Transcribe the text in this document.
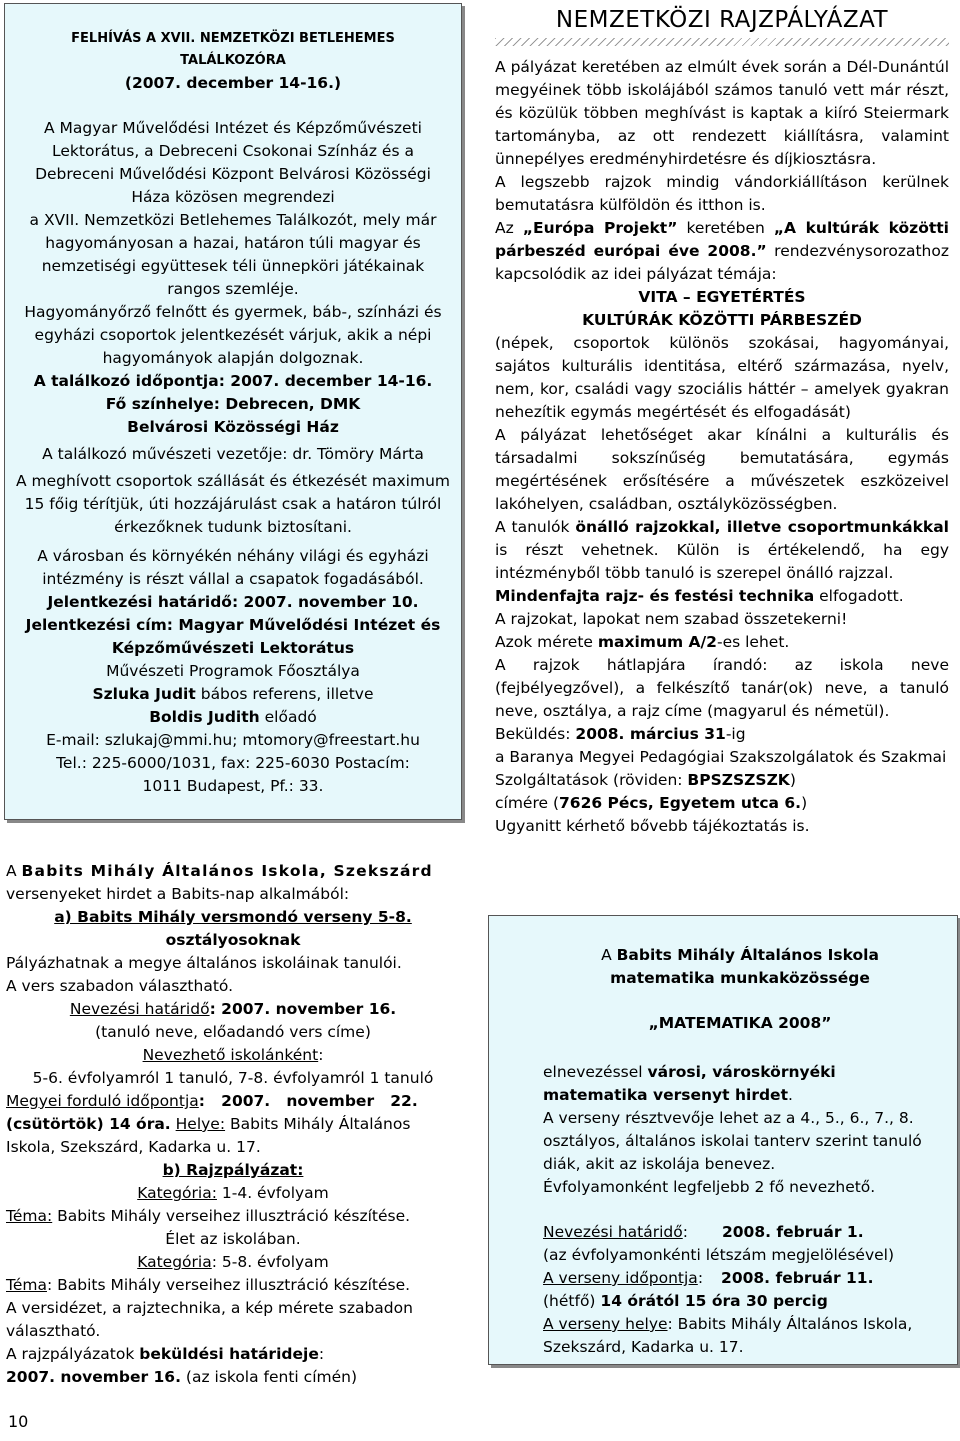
FELHÍVÁS A XVII. NEMZETKÖZI BETLEHEMES
TALÁLKOZÓRA

(2007. december 14-16.)

A Magyar Művelődési Intézet és Képzőművészeti Lektorátus, a Debreceni Csokonai Színház és a Debreceni Művelődési Központ Belvárosi Közösségi Háza közösen megrendezi

a XVII. Nemzetközi Betlehemes Találkozót, mely már hagyományosan a hazai, határon túli magyar és nemzetiségi együttesek téli ünnepköri játékainak rangos szemléje.

Hagyományőrző felnőtt és gyermek, báb-, színházi és egyházi csoportok jelentkezését várjuk, akik a népi hagyományok alapján dolgoznak.

A találkozó időpontja: 2007. december 14-16.

Fő színhelye: Debrecen, DMK Belvárosi Közösségi Ház

A találkozó művészeti vezetője: dr. Tömöry Márta

A meghívott csoportok szállását és étkezését maximum 15 főig térítjük, úti hozzájárulást csak a határon túlról érkezőknek tudunk biztosítani.

A városban és környékén néhány világi és egyházi intézmény is részt vállal a csapatok fogadásából.

Jelentkezési határidő: 2007. november 10.

Jelentkezési cím: Magyar Művelődési Intézet és Képzőművészeti Lektorátus

Művészeti Programok Főosztálya

Szluka Judit bábos referens, illetve

Boldis Judith előadó

E-mail: szlukaj@mmi.hu; mtomory@freestart.hu

Tel.: 225-6000/1031, fax: 225-6030 Postacím: 1011 Budapest, Pf.: 33.

A Babits Mihály Általános Iskola, Szekszárd

versenyeket hirdet a Babits-nap alkalmából:

a) Babits Mihály versmondó verseny 5-8.

osztályosoknak

Pályázhatnak a megye általános iskoláinak tanulói.

A vers szabadon választható.

Nevezési határidő: 2007. november 16.

(tanuló neve, előadandó vers címe)

Nevezhető iskolánként:

5-6. évfolyamról 1 tanuló, 7-8. évfolyamról 1 tanuló

Megyei forduló időpontja:   2007.   november   22.

(csütörtök) 14 óra. Helye: Babits Mihály Általános Iskola, Szekszárd, Kadarka u. 17.

b) Rajzpályázat:

Kategória: 1-4. évfolyam

Téma: Babits Mihály verseihez illusztráció készítése.

Élet az iskolában.

Kategória: 5-8. évfolyam

Téma: Babits Mihály verseihez illusztráció készítése.

A versidézet, a rajztechnika, a kép mérete szabadon választható.

A rajzpályázatok beküldési határideje:

2007. november 16. (az iskola fenti címén)

NEMZETKÖZI RAJZPÁLYÁZAT

A pályázat keretében az elmúlt évek során a Dél-Dunántúl megyéinek több iskolájából számos tanuló vett már részt, és közülük többen meghívást is kaptak a kiíró Steiermark tartományba, az ott rendezett kiállításra, valamint ünnepélyes eredményhirdetésre és díjkiosztásra.

A legszebb rajzok mindig vándorkiállításon kerülnek bemutatásra külföldön és itthon is.

Az „Európa Projekt” keretében „A kultúrák közötti párbeszéd európai éve 2008.” rendezvénysorozathoz kapcsolódik az idei pályázat témája:

VITA – EGYETÉRTÉS

KULTÚRÁK KÖZÖTTI PÁRBESZÉD

(népek, csoportok különös szokásai, hagyományai, sajátos kulturális identitása, eltérő származása, nyelv, nem, kor, családi vagy szociális háttér – amelyek gyakran nehezítik egymás megértését és elfogadását)

A pályázat lehetőséget akar kínálni a kulturális és társadalmi sokszínűség bemutatására, egymás megértésének erősítésére a művészetek eszközeivel lakóhelyen, családban, osztályközösségben.

A tanulók önálló rajzokkal, illetve csoportmunkákkal is részt vehetnek. Külön is értékelendő, ha egy intézményből több tanuló is szerepel önálló rajzzal.

Mindenfajta rajz- és festési technika elfogadott.

A rajzokat, lapokat nem szabad összetekerni!

Azok mérete maximum A/2-es lehet.

A rajzok hátlapjára írandó: az iskola neve (fejbélyegzővel), a felkészítő tanár(ok) neve, a tanuló neve, osztálya, a rajz címe (magyarul és németül).

Beküldés: 2008. március 31-ig

a Baranya Megyei Pedagógiai Szakszolgálatok és Szakmai Szolgáltatások (röviden: BPSZSZSZK)

címére (7626 Pécs, Egyetem utca 6.)

Ugyanitt kérhető bővebb tájékoztatás is.

A Babits Mihály Általános Iskola

matematika munkaközössége

„MATEMATIKA 2008”

elnevezéssel városi, városkörnyéki matematika versenyt hirdet.

A verseny résztvevője lehet az a 4., 5., 6., 7., 8. osztályos, általános iskolai tanterv szerint tanuló diák, akit az iskolája benevez.

Évfolyamonként legfeljebb 2 fő nevezhető.

Nevezési határidő: 2008. február 1.

(az évfolyamonkénti létszám megjelölésével)

A verseny időpontja: 2008. február 11.

(hétfő) 14 órától 15 óra 30 percig

A verseny helye: Babits Mihály Általános Iskola, Szekszárd, Kadarka u. 17.

10
